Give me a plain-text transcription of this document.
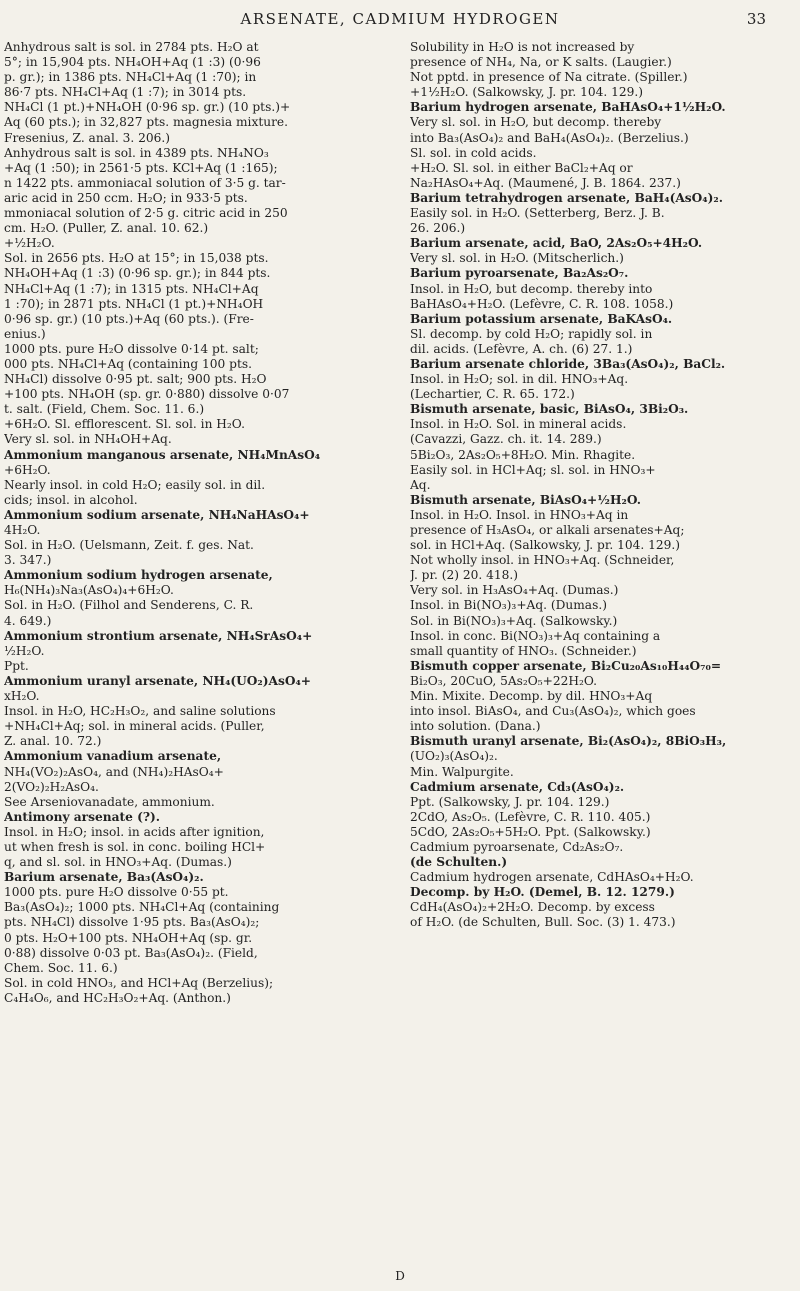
ARSENATE, CADMIUM HYDROGEN	33
Anhydrous salt is sol. in 2784 pts. H₂O at
5°; in 15,904 pts. NH₄OH+Aq (1 :3) (0·96
p. gr.); in 1386 pts. NH₄Cl+Aq (1 :70); in
86·7 pts. NH₄Cl+Aq (1 :7); in 3014 pts.
NH₄Cl (1 pt.)+NH₄OH (0·96 sp. gr.) (10 pts.)+
Aq (60 pts.); in 32,827 pts. magnesia mixture.
Fresenius, Z. anal. 3. 206.)
Anhydrous salt is sol. in 4389 pts. NH₄NO₃
+Aq (1 :50); in 2561·5 pts. KCl+Aq (1 :165);
n 1422 pts. ammoniacal solution of 3·5 g. tar-
aric acid in 250 ccm. H₂O; in 933·5 pts.
mmoniacal solution of 2·5 g. citric acid in 250
cm. H₂O. (Puller, Z. anal. 10. 62.)
+½H₂O.
Sol. in 2656 pts. H₂O at 15°; in 15,038 pts.
NH₄OH+Aq (1 :3) (0·96 sp. gr.); in 844 pts.
NH₄Cl+Aq (1 :7); in 1315 pts. NH₄Cl+Aq
1 :70); in 2871 pts. NH₄Cl (1 pt.)+NH₄OH
0·96 sp. gr.) (10 pts.)+Aq (60 pts.). (Fre-
enius.)
1000 pts. pure H₂O dissolve 0·14 pt. salt;
000 pts. NH₄Cl+Aq (containing 100 pts.
NH₄Cl) dissolve 0·95 pt. salt; 900 pts. H₂O
+100 pts. NH₄OH (sp. gr. 0·880) dissolve 0·07
t. salt. (Field, Chem. Soc. 11. 6.)
+6H₂O. Sl. efflorescent. Sl. sol. in H₂O.
Very sl. sol. in NH₄OH+Aq.
Ammonium manganous arsenate, NH₄MnAsO₄
+6H₂O.
Nearly insol. in cold H₂O; easily sol. in dil.
cids; insol. in alcohol.
Ammonium sodium arsenate, NH₄NaHAsO₄+
4H₂O.
Sol. in H₂O. (Uelsmann, Zeit. f. ges. Nat.
3. 347.)
Ammonium sodium hydrogen arsenate,
H₆(NH₄)₃Na₃(AsO₄)₄+6H₂O.
Sol. in H₂O. (Filhol and Senderens, C. R.
4. 649.)
Ammonium strontium arsenate, NH₄SrAsO₄+
½H₂O.
Ppt.
Ammonium uranyl arsenate, NH₄(UO₂)AsO₄+
xH₂O.
Insol. in H₂O, HC₂H₃O₂, and saline solutions
+NH₄Cl+Aq; sol. in mineral acids. (Puller,
Z. anal. 10. 72.)
Ammonium vanadium arsenate,
NH₄(VO₂)₂AsO₄, and (NH₄)₂HAsO₄+
2(VO₂)₂H₂AsO₄.
See Arseniovanadate, ammonium.
Antimony arsenate (?).
Insol. in H₂O; insol. in acids after ignition,
ut when fresh is sol. in conc. boiling HCl+
q, and sl. sol. in HNO₃+Aq. (Dumas.)
Barium arsenate, Ba₃(AsO₄)₂.
1000 pts. pure H₂O dissolve 0·55 pt.
Ba₃(AsO₄)₂; 1000 pts. NH₄Cl+Aq (containing
pts. NH₄Cl) dissolve 1·95 pts. Ba₃(AsO₄)₂;
0 pts. H₂O+100 pts. NH₄OH+Aq (sp. gr.
0·88) dissolve 0·03 pt. Ba₃(AsO₄)₂. (Field,
Chem. Soc. 11. 6.)
Sol. in cold HNO₃, and HCl+Aq (Berzelius);
C₄H₄O₆, and HC₂H₃O₂+Aq. (Anthon.)
Solubility in H₂O is not increased by
presence of NH₄, Na, or K salts. (Laugier.)
Not pptd. in presence of Na citrate. (Spiller.)
+1½H₂O. (Salkowsky, J. pr. 104. 129.)
Barium hydrogen arsenate, BaHAsO₄+1½H₂O.
Very sl. sol. in H₂O, but decomp. thereby
into Ba₃(AsO₄)₂ and BaH₄(AsO₄)₂. (Berzelius.)
Sl. sol. in cold acids.
+H₂O. Sl. sol. in either BaCl₂+Aq or
Na₂HAsO₄+Aq. (Maumené, J. B. 1864. 237.)
Barium tetrahydrogen arsenate, BaH₄(AsO₄)₂.
Easily sol. in H₂O. (Setterberg, Berz. J. B.
26. 206.)
Barium arsenate, acid, BaO, 2As₂O₅+4H₂O.
Very sl. sol. in H₂O. (Mitscherlich.)
Barium pyroarsenate, Ba₂As₂O₇.
Insol. in H₂O, but decomp. thereby into
BaHAsO₄+H₂O. (Lefèvre, C. R. 108. 1058.)
Barium potassium arsenate, BaKAsO₄.
Sl. decomp. by cold H₂O; rapidly sol. in
dil. acids. (Lefèvre, A. ch. (6) 27. 1.)
Barium arsenate chloride, 3Ba₃(AsO₄)₂, BaCl₂.
Insol. in H₂O; sol. in dil. HNO₃+Aq.
(Lechartier, C. R. 65. 172.)
Bismuth arsenate, basic, BiAsO₄, 3Bi₂O₃.
Insol. in H₂O. Sol. in mineral acids.
(Cavazzi, Gazz. ch. it. 14. 289.)
5Bi₂O₃, 2As₂O₅+8H₂O. Min. Rhagite.
Easily sol. in HCl+Aq; sl. sol. in HNO₃+
Aq.
Bismuth arsenate, BiAsO₄+½H₂O.
Insol. in H₂O. Insol. in HNO₃+Aq in
presence of H₃AsO₄, or alkali arsenates+Aq;
sol. in HCl+Aq. (Salkowsky, J. pr. 104. 129.)
Not wholly insol. in HNO₃+Aq. (Schneider,
J. pr. (2) 20. 418.)
Very sol. in H₃AsO₄+Aq. (Dumas.)
Insol. in Bi(NO₃)₃+Aq. (Dumas.)
Sol. in Bi(NO₃)₃+Aq. (Salkowsky.)
Insol. in conc. Bi(NO₃)₃+Aq containing a
small quantity of HNO₃. (Schneider.)
Bismuth copper arsenate, Bi₂Cu₂₀As₁₀H₄₄O₇₀=
Bi₂O₃, 20CuO, 5As₂O₅+22H₂O.
Min. Mixite. Decomp. by dil. HNO₃+Aq
into insol. BiAsO₄, and Cu₃(AsO₄)₂, which goes
into solution. (Dana.)
Bismuth uranyl arsenate, Bi₂(AsO₄)₂, 8BiO₃H₃,
(UO₂)₃(AsO₄)₂.
Min. Walpurgite.
Cadmium arsenate, Cd₃(AsO₄)₂.
Ppt. (Salkowsky, J. pr. 104. 129.)
2CdO, As₂O₅. (Lefèvre, C. R. 110. 405.)
5CdO, 2As₂O₅+5H₂O. Ppt. (Salkowsky.)
Cadmium pyroarsenate, Cd₂As₂O₇.
(de Schulten.)
Cadmium hydrogen arsenate, CdHAsO₄+H₂O.
Decomp. by H₂O. (Demel, B. 12. 1279.)
CdH₄(AsO₄)₂+2H₂O. Decomp. by excess
of H₂O. (de Schulten, Bull. Soc. (3) 1. 473.)
D
